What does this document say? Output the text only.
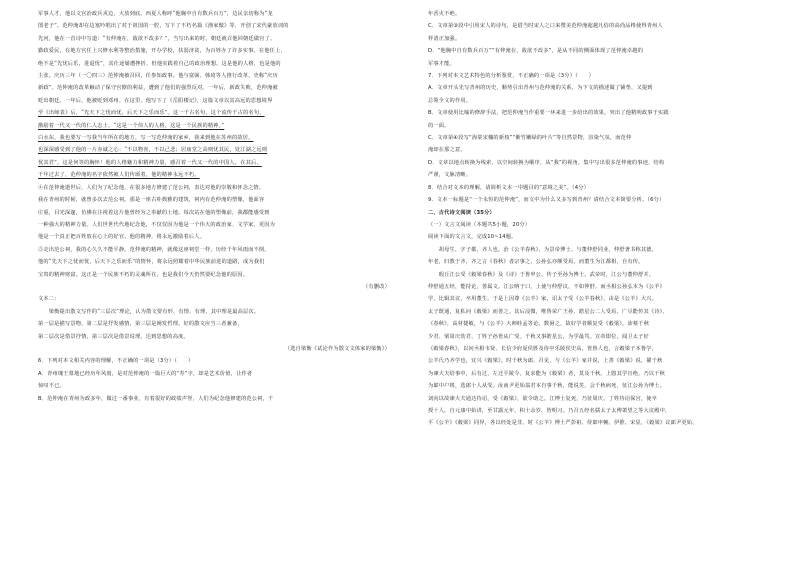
军事人才，他以文官治政兵戎边，大放到底。西夏人称呼“他胸中自有数兵百万”，边民亲切称为“龙

图老子”。范仲淹却在边塞吟唱出了对于祖国的一腔，写下了不朽名篇《渔家傲》等，开创了宋代豪放词的

先河，他在一首诗中写道：“有仲淹在，敌欲不改多？”，当写出来的时，朝廷就召他回朝廷做官了。

勤政爱民，在地方官任上兴修水利等整治措施，开办学校，扶弱济贫，为百姓办了许多实事。在他任上，

绝不是“先忧后乐，进退忧”，其仕途屡遭挫折，但他实践着自己的政治理想。这是他的人格，也是他的

主张。庆历三年（一〇四三）范仲淹被召回，任参知政事。他与富弼、韩琦等人推行改革，史称“庆历

新政”。范仲淹的改革触动了保守官僚的利益，遭到了他们的强烈反对。一年后，新政失败，范仲淹被

贬出朝廷。一年后，他被贬到邓州。在这里，他写下了《岳阳楼记》，这篇文章以其高远的思想境界

至《出师表》后，“先天下之忧而忧，后天下之乐而乐”。这一千古名句，这个流传千古的名句，

激励着一代又一代的仁人志士。“这是一个伟人的人格，这是一个民族的精神。”

白水东，我也要写一写我当年所在的地方，写一写范仲淹的家乡，我来到他在苏州的故居，

也深深感受到了他的一片赤诚之心：“不以物喜，不以己悲；居庙堂之高则忧其民，处江湖之远则

忧其君”。这是何等的胸怀！他的人格魅力和精神力量，感召着一代又一代的中国人。在其后，

千年过去了，范仲淹的名字依然被人们传颂着，他的精神永远不朽。

④在范仲淹逝世后，人们为了纪念他，在很多地方修建了范公祠，表达对他的崇敬和怀念之情。

我在青州的时候，就曾多次去范公祠。那是一座古朴典雅的建筑，祠内有范仲淹的塑像，他面容

庄重，目光深邃，仿佛在注视着这片他曾经为之奉献的土地。每次站在他的塑像前，我都能感受到

一种强大的精神力量。人们世世代代地纪念他，不仅仅因为他是一个伟大的政治家、文学家，更因为

他是一个真正把百姓放在心上的好官。他的精神，将永远激励着后人。

⑤走出范公祠，我的心久久不能平静。范仲淹的精神，就像这座祠堂一样，历经千年风雨而不倒。

他的“先天下之忧而忧，后天下之乐而乐”的情怀，将永远照耀着中华民族前进的道路，成为我们

宝贵的精神财富。这正是一个民族不朽的灵魂所在，也是我们今天仍然要纪念他的原因。

（有删改）

文本二：

　　梁衡提出散文写作的“三层次”理论，认为散文要有形、有情、有理，其中理是最高层次。

第一层是描写景物，第二层是抒发感情，第三层是阐发哲理。好的散文应当三者兼备，

第二层次是借景抒情，第三层次是借景说理，达到思想的高度。

（选自梁衡《试论作为散文文体家的梁衡》）

6．下列对本文相关内容的理解，不正确的一项是（3分）（　　）

A．青州瑰王墓地已经历年风雨，是对范仲淹的一篇巨大的“寿”字，却是艺术价值，让作者

惊叹不已。

B．范仲淹在青州为政多年，做过一番事业，有着很好的政绩声誉，人们为纪念他修建的范公祠，千

年香火不绝。

C．文章第③段中引用宋人的诗句，是借当时宋人之口来赞美范仲淹超越凡俗的高尚品格使得青州人

样清正加强。

D．“他胸中自有数兵百万”“有仲淹在，敌欲不改多”，是从不同的侧面体现了范仲淹卓越的

军事才能。

7．下列对本文艺术特色的分析鉴赏，不正确的一项是（3分）（　　）

A．文章开头先写青州的历史，顺势引出青州与范仲淹的关系，为下文的描述做了铺垫，又提到

总领全文的作用。

B．文章使用比喻的修辞手法，把范仲淹当作重要一环来进一步给出的效果，突出了他精明政事于实践

的一面。

C．文章第④段写“海棠宋槐的新枝”“紫竹嫩绿的叶片”等自然景物，渲染气氛，而范仲

淹却在那之意。

D．文章以地点转换为线索，以空间转换为顺序，从“我”的视角，集中写出很多范仲淹的事迹，结构

严谨，文脉清晰。

8．结合对文本的理解，请简析文本一中题目的“意境之美”。（4分）

9．文本一标题是“一个永恒的范仲淹”，而文中为什么又多写到青州？请结合文本简要分析。（6分）

二、古代诗文阅读（35分）

（一）文言文阅读（本题共5小题，20分）

阅读下面的文言文，完成10~14题。

　　胡母生，字子都，齐人也。治《公羊春秋》，为景帝博士。与董仲舒同业，仲舒著书称其德。

年老，归教于齐，齐之言《春秋》者宗事之，公孙弘亦颇受焉。而董生为江都相，自有传。

　　瑕丘江公受《穀梁春秋》及《诗》于鲁申公，传子至孙为博士。武帝时，江公与董仲舒并。

仲舒通五经，能持论，善属文。江公呐于口，上使与仲舒议，不如仲舒。而丞相公孙弘本为《公羊》

学，比辑其议，卒用董生。于是上因尊《公羊》家，诏太子受《公羊春秋》，由是《公羊》大兴。

太子既通，复私问《穀梁》而善之。其后浸微，唯鲁荣广王孙、皓星公二人受焉。广尽能传其《诗》、

《春秋》，高材捷敏，与《公羊》大师眭孟等论，数困之，故好学者颇复受《穀梁》。沛蔡千秋

少君、梁周庆幼君、丁姓子孙皆从广受。千秋又事皓星公，为学最笃。宣帝即位，闻卫太子好

《穀梁春秋》，以问丞相韦贤、长信少府夏侯胜及侍中乐陵侯史高，皆鲁人也，言穀梁子本鲁学，

公羊氏乃齐学也，宜兴《穀梁》。时千秋为郎，召见，与《公羊》家并说，上善《穀梁》说，擢千秋

为谏大夫给事中，后有过，左迁平陵令。复求能为《穀梁》者，莫及千秋。上愍其学且绝，乃以千秋

为郎中户将，选郎十人从受。汝南尹更始翁君本自事千秋，能说矣，会千秋病死，征江公孙为博士。

刘向以故谏大夫通达待诏，受《穀梁》，欲令助之。江博士复死，乃征周庆、丁姓待诏保宫，使卒

授十人。自元康中始讲，至甘露元年，积十余岁，皆明习。乃召五经名儒太子太傅萧望之等大议殿中，

平《公羊》《穀梁》同异，各以经处是非。时《公羊》博士严彭祖、侍郎申輓、伊推、宋显，《穀梁》议郎尹更始、
